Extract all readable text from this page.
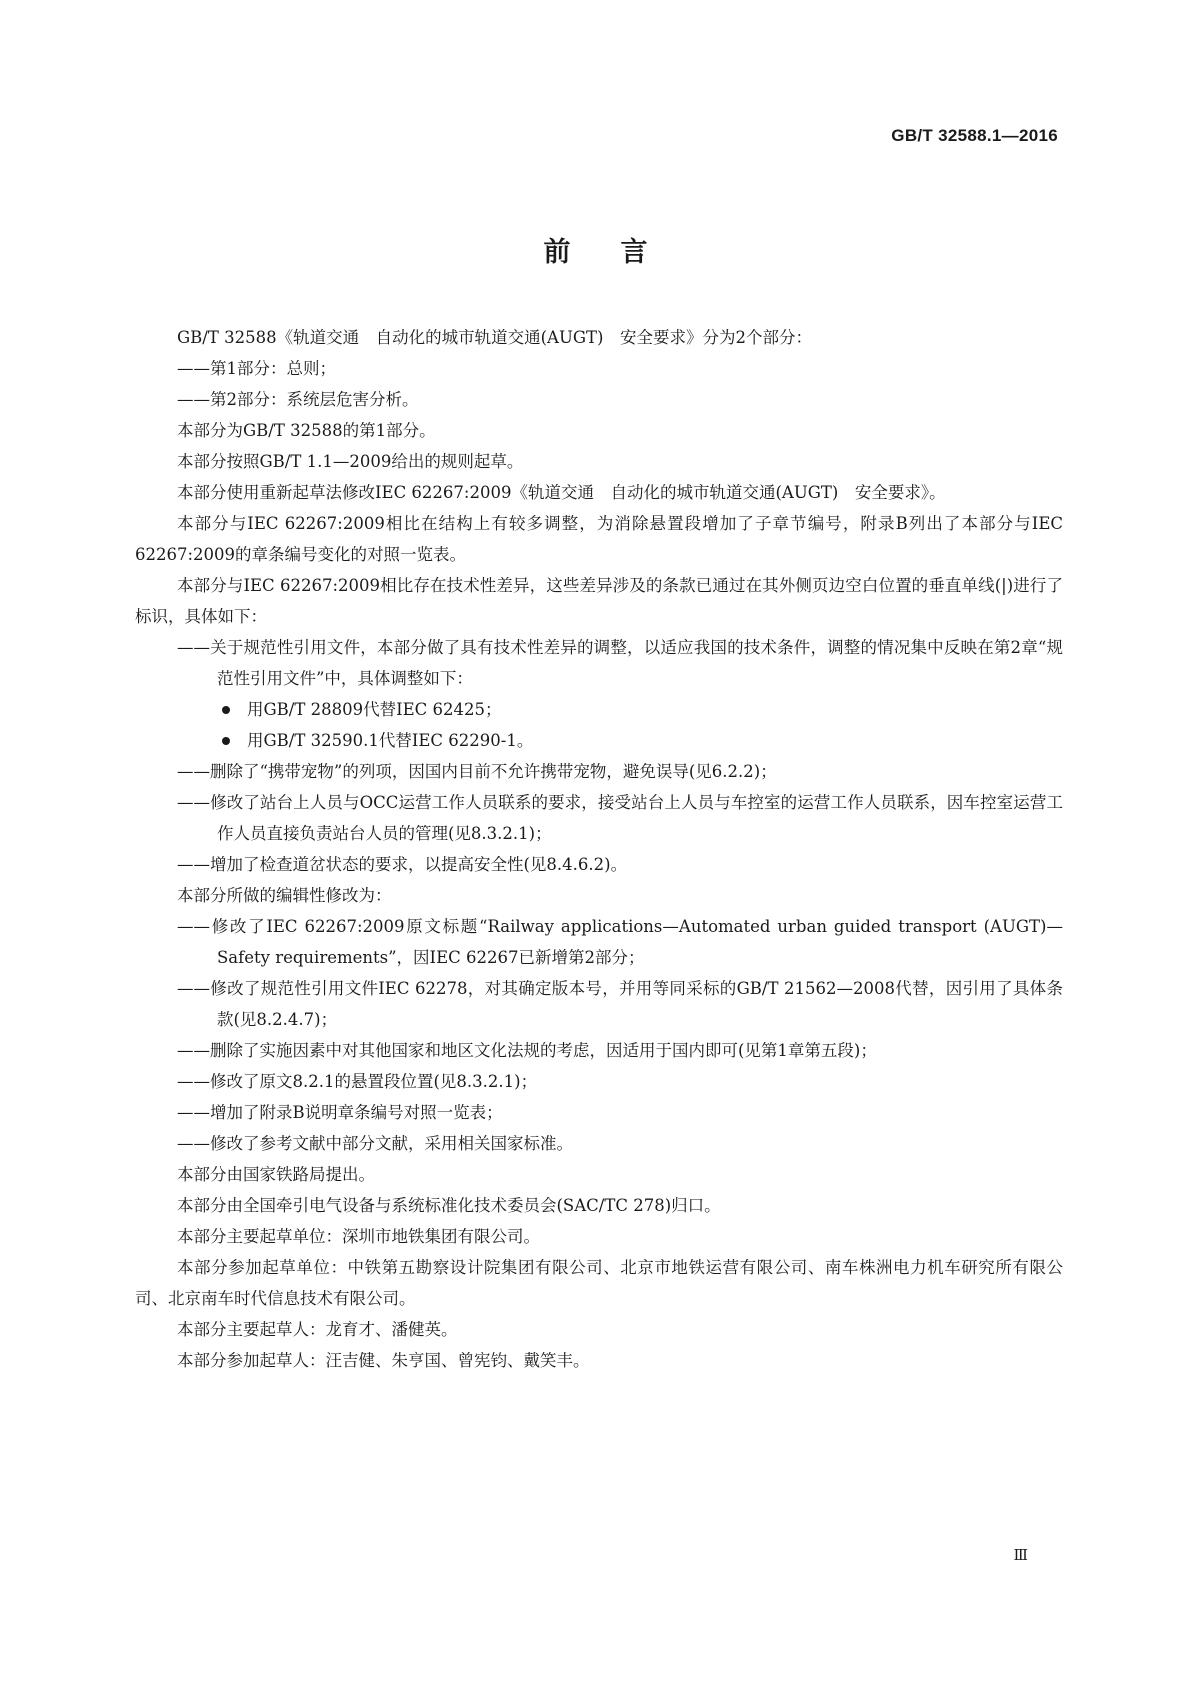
GB/T 32588.1—2016
前言

GB/T 32588《轨道交通　自动化的城市轨道交通(AUGT)　安全要求》分为2个部分：

——第1部分：总则；

——第2部分：系统层危害分析。

本部分为GB/T 32588的第1部分。

本部分按照GB/T 1.1—2009给出的规则起草。

本部分使用重新起草法修改IEC 62267:2009《轨道交通　自动化的城市轨道交通(AUGT)　安全要求》。

本部分与IEC 62267:2009相比在结构上有较多调整，为消除悬置段增加了子章节编号，附录B列出了本部分与IEC 62267:2009的章条编号变化的对照一览表。

本部分与IEC 62267:2009相比存在技术性差异，这些差异涉及的条款已通过在其外侧页边空白位置的垂直单线(|)进行了标识，具体如下：

——关于规范性引用文件，本部分做了具有技术性差异的调整，以适应我国的技术条件，调整的情况集中反映在第2章“规范性引用文件”中，具体调整如下：

用GB/T 28809代替IEC 62425；

用GB/T 32590.1代替IEC 62290-1。

——删除了“携带宠物”的列项，因国内目前不允许携带宠物，避免误导(见6.2.2)；

——修改了站台上人员与OCC运营工作人员联系的要求，接受站台上人员与车控室的运营工作人员联系，因车控室运营工作人员直接负责站台人员的管理(见8.3.2.1)；

——增加了检查道岔状态的要求，以提高安全性(见8.4.6.2)。

本部分所做的编辑性修改为：

——修改了IEC 62267:2009原文标题“Railway applications—Automated urban guided transport (AUGT)—Safety requirements”，因IEC 62267已新增第2部分；

——修改了规范性引用文件IEC 62278，对其确定版本号，并用等同采标的GB/T 21562—2008代替，因引用了具体条款(见8.2.4.7)；

——删除了实施因素中对其他国家和地区文化法规的考虑，因适用于国内即可(见第1章第五段)；

——修改了原文8.2.1的悬置段位置(见8.3.2.1)；

——增加了附录B说明章条编号对照一览表；

——修改了参考文献中部分文献，采用相关国家标准。

本部分由国家铁路局提出。

本部分由全国牵引电气设备与系统标准化技术委员会(SAC/TC 278)归口。

本部分主要起草单位：深圳市地铁集团有限公司。

本部分参加起草单位：中铁第五勘察设计院集团有限公司、北京市地铁运营有限公司、南车株洲电力机车研究所有限公司、北京南车时代信息技术有限公司。

本部分主要起草人：龙育才、潘健英。

本部分参加起草人：汪吉健、朱亨国、曾宪钧、戴笑丰。

Ⅲ
